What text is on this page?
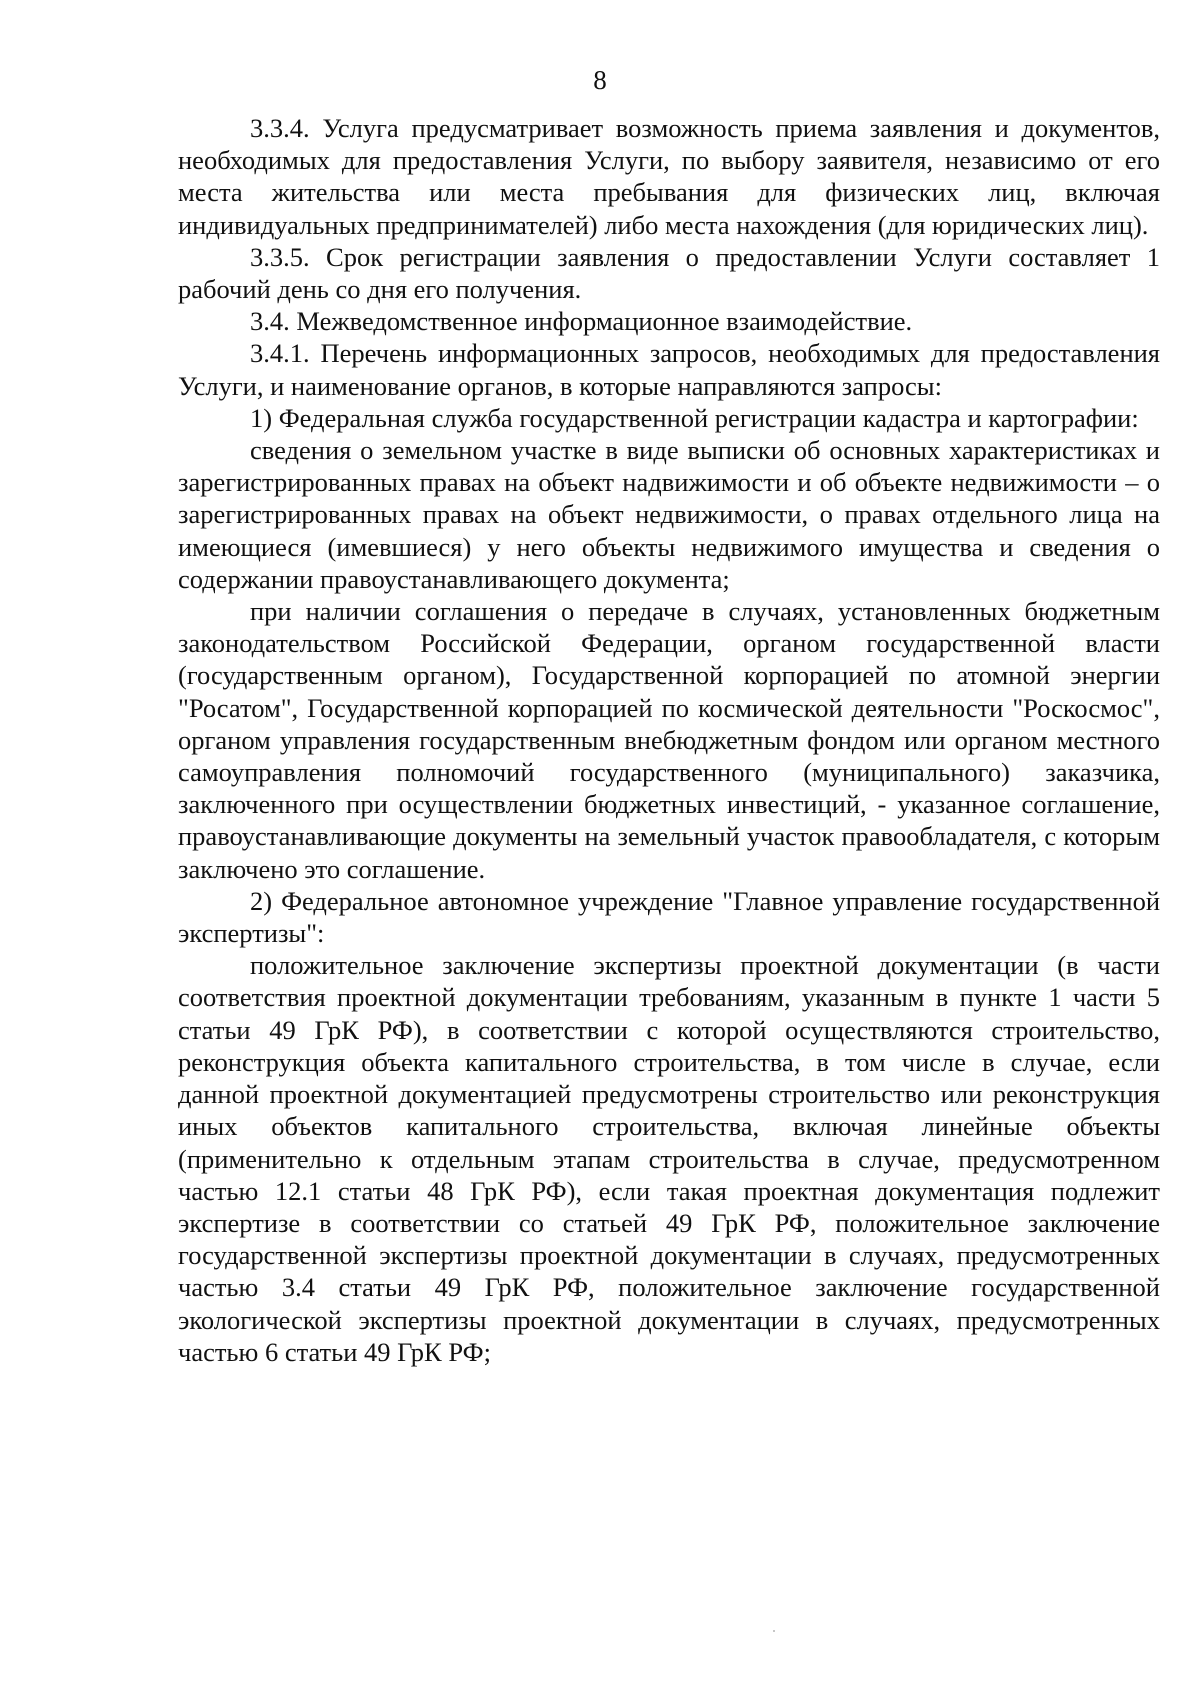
8

3.3.4. Услуга предусматривает возможность приема заявления и документов, необходимых для предоставления Услуги, по выбору заявителя, независимо от его места жительства или места пребывания для физических лиц, включая индивидуальных предпринимателей) либо места нахождения (для юридических лиц).

3.3.5. Срок регистрации заявления о предоставлении Услуги составляет 1 рабочий день со дня его получения.

3.4. Межведомственное информационное взаимодействие.

3.4.1. Перечень информационных запросов, необходимых для предоставления Услуги, и наименование органов, в которые направляются запросы:

1) Федеральная служба государственной регистрации кадастра и картографии:

сведения о земельном участке в виде выписки об основных характеристиках и зарегистрированных правах на объект надвижимости и об объекте недвижимости – о зарегистрированных правах на объект недвижимости, о правах отдельного лица на имеющиеся (имевшиеся) у него объекты недвижимого имущества и сведения о содержании правоустанавливающего документа;

при наличии соглашения о передаче в случаях, установленных бюджетным законодательством Российской Федерации, органом государственной власти (государственным органом), Государственной корпорацией по атомной энергии "Росатом", Государственной корпорацией по космической деятельности "Роскосмос", органом управления государственным внебюджетным фондом или органом местного самоуправления полномочий государственного (муниципального) заказчика, заключенного при осуществлении бюджетных инвестиций, - указанное соглашение, правоустанавливающие документы на земельный участок правообладателя, с которым заключено это соглашение.

2) Федеральное автономное учреждение "Главное управление государственной экспертизы":

положительное заключение экспертизы проектной документации (в части соответствия проектной документации требованиям, указанным в пункте 1 части 5 статьи 49 ГрК РФ), в соответствии с которой осуществляются строительство, реконструкция объекта капитального строительства, в том числе в случае, если данной проектной документацией предусмотрены строительство или реконструкция иных объектов капитального строительства, включая линейные объекты (применительно к отдельным этапам строительства в случае, предусмотренном частью 12.1 статьи 48 ГрК РФ), если такая проектная документация подлежит экспертизе в соответствии со статьей 49 ГрК РФ, положительное заключение государственной экспертизы проектной документации в случаях, предусмотренных частью 3.4 статьи 49 ГрК РФ, положительное заключение государственной экологической экспертизы проектной документации в случаях, предусмотренных частью 6 статьи 49 ГрК РФ;
